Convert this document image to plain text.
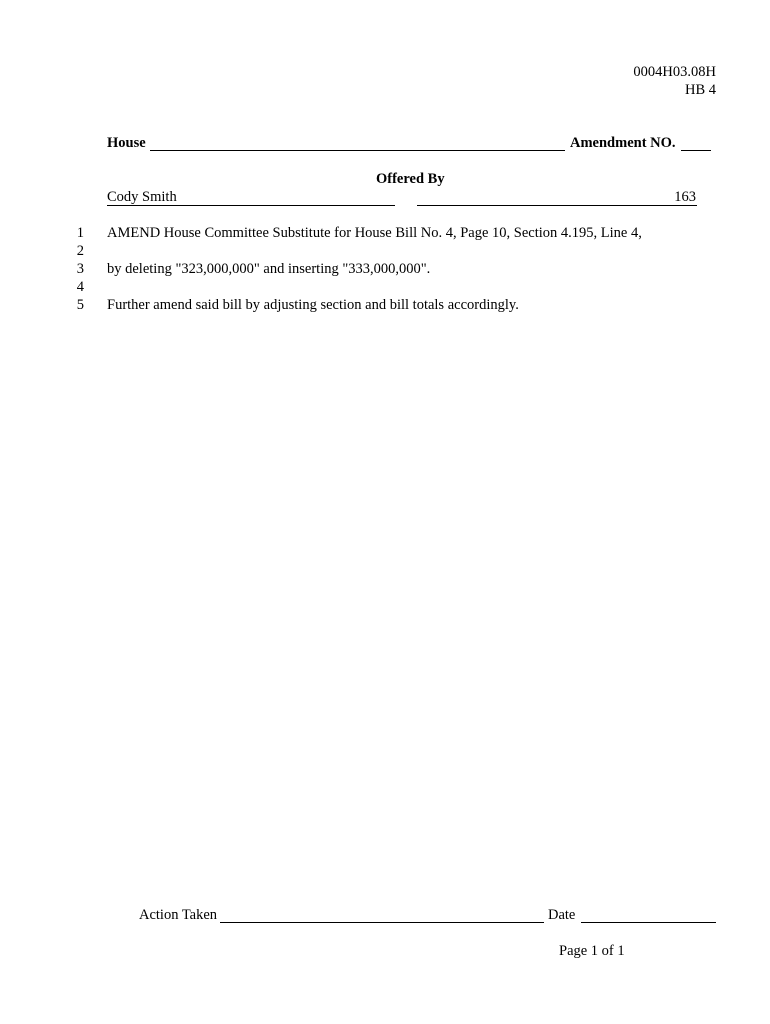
0004H03.08H
HB 4
House	Amendment NO.
Offered By
Cody Smith	163
1
2
3
4
5
AMEND House Committee Substitute for House Bill No. 4, Page 10, Section 4.195, Line 4,
by deleting "323,000,000" and inserting "333,000,000".
Further amend said bill by adjusting section and bill totals accordingly.
Action Taken	Date
Page 1 of 1
